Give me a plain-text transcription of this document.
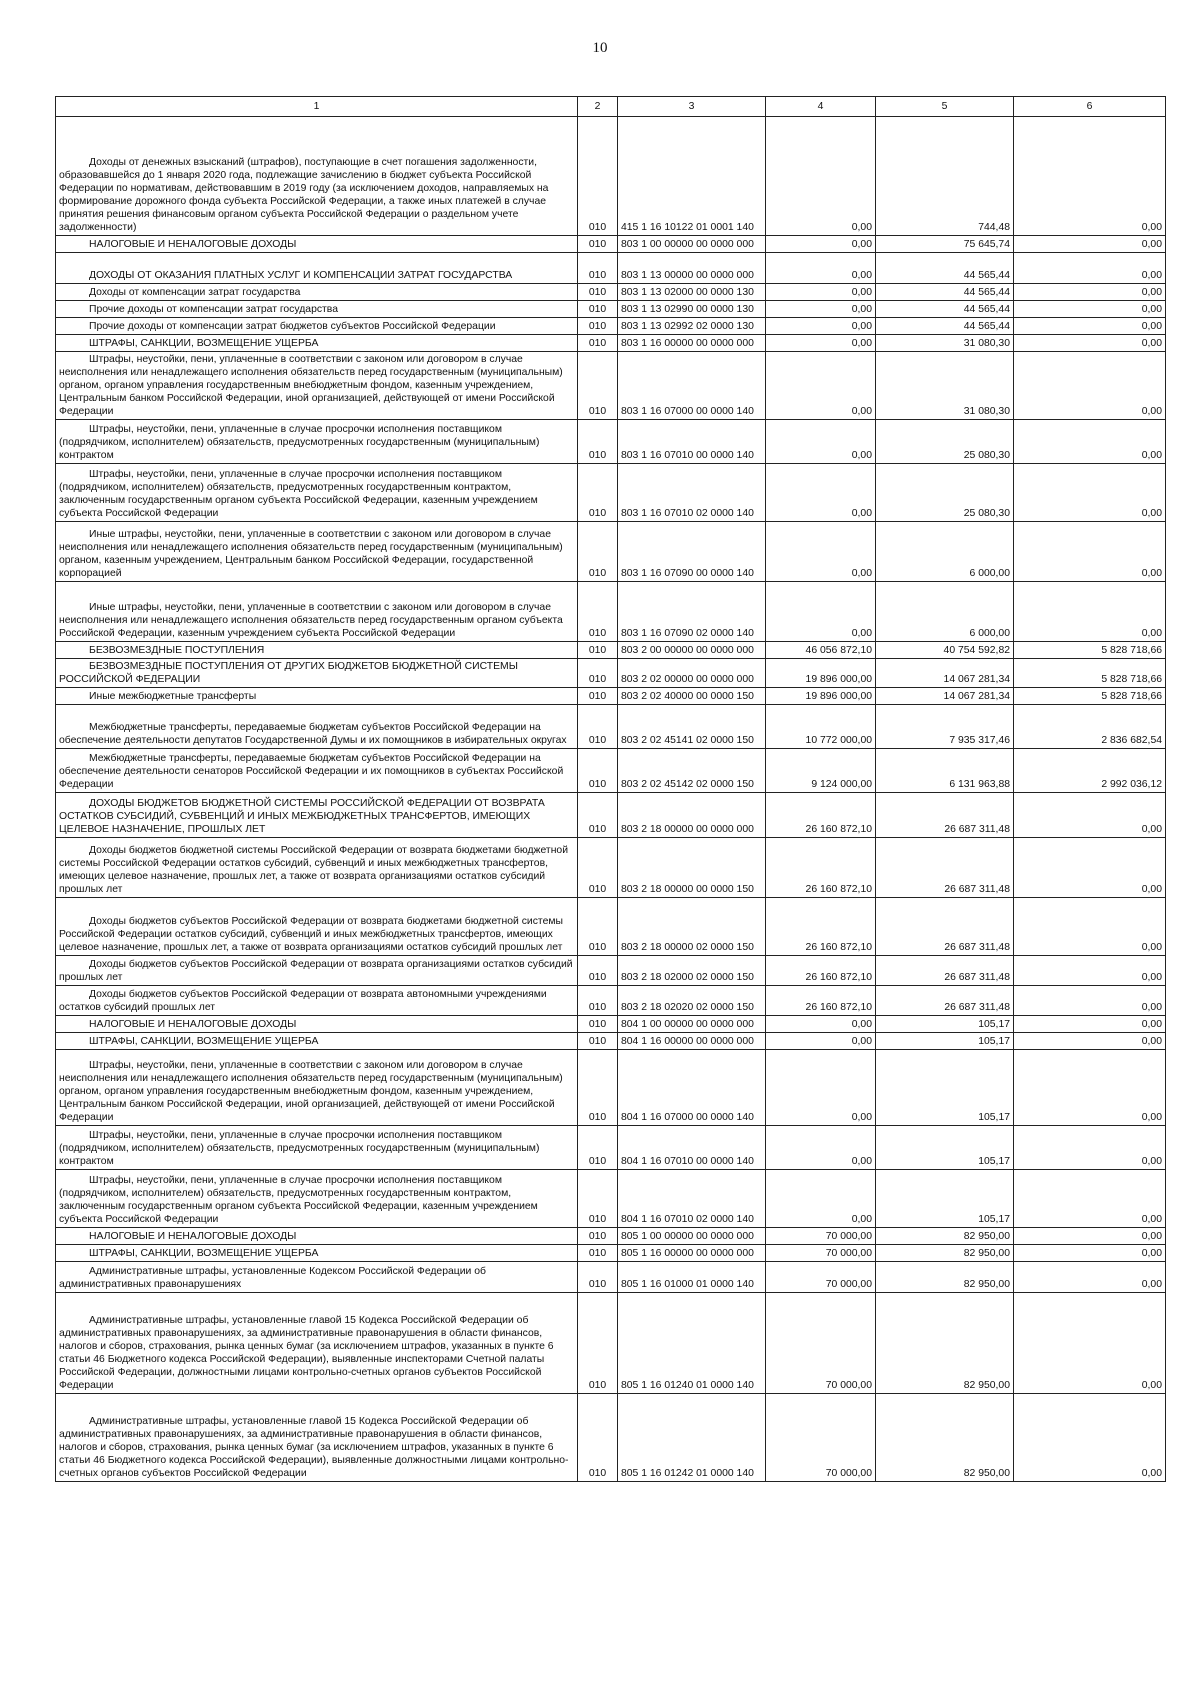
10
1	2	3	4	5	6
Доходы от денежных взысканий (штрафов), поступающие в счет погашения задолженности, образовавшейся до 1 января 2020 года, подлежащие зачислению в бюджет субъекта Российской Федерации по нормативам, действовавшим в 2019 году (за исключением доходов, направляемых на формирование дорожного фонда субъекта Российской Федерации, а также иных платежей в случае принятия решения финансовым органом субъекта Российской Федерации о раздельном учете задолженности)	010	415 1 16 10122 01 0001 140	0,00	744,48	0,00
НАЛОГОВЫЕ И НЕНАЛОГОВЫЕ ДОХОДЫ	010	803 1 00 00000 00 0000 000	0,00	75 645,74	0,00
ДОХОДЫ ОТ ОКАЗАНИЯ ПЛАТНЫХ УСЛУГ И КОМПЕНСАЦИИ ЗАТРАТ ГОСУДАРСТВА	010	803 1 13 00000 00 0000 000	0,00	44 565,44	0,00
Доходы от компенсации затрат государства	010	803 1 13 02000 00 0000 130	0,00	44 565,44	0,00
Прочие доходы от компенсации затрат государства	010	803 1 13 02990 00 0000 130	0,00	44 565,44	0,00
Прочие доходы от компенсации затрат бюджетов субъектов Российской Федерации	010	803 1 13 02992 02 0000 130	0,00	44 565,44	0,00
ШТРАФЫ, САНКЦИИ, ВОЗМЕЩЕНИЕ УЩЕРБА	010	803 1 16 00000 00 0000 000	0,00	31 080,30	0,00
Штрафы, неустойки, пени, уплаченные в соответствии с законом или договором в случае неисполнения или ненадлежащего исполнения обязательств перед государственным (муниципальным) органом, органом управления государственным внебюджетным фондом, казенным учреждением, Центральным банком Российской Федерации, иной организацией, действующей от имени Российской Федерации	010	803 1 16 07000 00 0000 140	0,00	31 080,30	0,00
Штрафы, неустойки, пени, уплаченные в случае просрочки исполнения поставщиком (подрядчиком, исполнителем) обязательств, предусмотренных государственным (муниципальным) контрактом	010	803 1 16 07010 00 0000 140	0,00	25 080,30	0,00
Штрафы, неустойки, пени, уплаченные в случае просрочки исполнения поставщиком (подрядчиком, исполнителем) обязательств, предусмотренных государственным контрактом, заключенным государственным органом субъекта Российской Федерации, казенным учреждением субъекта Российской Федерации	010	803 1 16 07010 02 0000 140	0,00	25 080,30	0,00
Иные штрафы, неустойки, пени, уплаченные в соответствии с законом или договором в случае неисполнения или ненадлежащего исполнения обязательств перед государственным (муниципальным) органом, казенным учреждением, Центральным банком Российской Федерации, государственной корпорацией	010	803 1 16 07090 00 0000 140	0,00	6 000,00	0,00
Иные штрафы, неустойки, пени, уплаченные в соответствии с законом или договором в случае неисполнения или ненадлежащего исполнения обязательств перед государственным органом субъекта Российской Федерации, казенным учреждением субъекта Российской Федерации	010	803 1 16 07090 02 0000 140	0,00	6 000,00	0,00
БЕЗВОЗМЕЗДНЫЕ ПОСТУПЛЕНИЯ	010	803 2 00 00000 00 0000 000	46 056 872,10	40 754 592,82	5 828 718,66
БЕЗВОЗМЕЗДНЫЕ ПОСТУПЛЕНИЯ ОТ ДРУГИХ БЮДЖЕТОВ БЮДЖЕТНОЙ СИСТЕМЫ РОССИЙСКОЙ ФЕДЕРАЦИИ	010	803 2 02 00000 00 0000 000	19 896 000,00	14 067 281,34	5 828 718,66
Иные межбюджетные трансферты	010	803 2 02 40000 00 0000 150	19 896 000,00	14 067 281,34	5 828 718,66
Межбюджетные трансферты, передаваемые бюджетам субъектов Российской Федерации на обеспечение деятельности депутатов Государственной Думы и их помощников в избирательных округах	010	803 2 02 45141 02 0000 150	10 772 000,00	7 935 317,46	2 836 682,54
Межбюджетные трансферты, передаваемые бюджетам субъектов Российской Федерации на обеспечение деятельности сенаторов Российской Федерации и их помощников в субъектах Российской Федерации	010	803 2 02 45142 02 0000 150	9 124 000,00	6 131 963,88	2 992 036,12
ДОХОДЫ БЮДЖЕТОВ БЮДЖЕТНОЙ СИСТЕМЫ РОССИЙСКОЙ ФЕДЕРАЦИИ ОТ ВОЗВРАТА ОСТАТКОВ СУБСИДИЙ, СУБВЕНЦИЙ И ИНЫХ МЕЖБЮДЖЕТНЫХ ТРАНСФЕРТОВ, ИМЕЮЩИХ ЦЕЛЕВОЕ НАЗНАЧЕНИЕ, ПРОШЛЫХ ЛЕТ	010	803 2 18 00000 00 0000 000	26 160 872,10	26 687 311,48	0,00
Доходы бюджетов бюджетной системы Российской Федерации от возврата бюджетами бюджетной системы Российской Федерации остатков субсидий, субвенций и иных межбюджетных трансфертов, имеющих целевое назначение, прошлых лет, а также от возврата организациями остатков субсидий прошлых лет	010	803 2 18 00000 00 0000 150	26 160 872,10	26 687 311,48	0,00
Доходы бюджетов субъектов Российской Федерации от возврата бюджетами бюджетной системы Российской Федерации остатков субсидий, субвенций и иных межбюджетных трансфертов, имеющих целевое назначение, прошлых лет, а также от возврата организациями остатков субсидий прошлых лет	010	803 2 18 00000 02 0000 150	26 160 872,10	26 687 311,48	0,00
Доходы бюджетов субъектов Российской Федерации от возврата организациями остатков субсидий прошлых лет	010	803 2 18 02000 02 0000 150	26 160 872,10	26 687 311,48	0,00
Доходы бюджетов субъектов Российской Федерации от возврата автономными учреждениями остатков субсидий прошлых лет	010	803 2 18 02020 02 0000 150	26 160 872,10	26 687 311,48	0,00
НАЛОГОВЫЕ И НЕНАЛОГОВЫЕ ДОХОДЫ	010	804 1 00 00000 00 0000 000	0,00	105,17	0,00
ШТРАФЫ, САНКЦИИ, ВОЗМЕЩЕНИЕ УЩЕРБА	010	804 1 16 00000 00 0000 000	0,00	105,17	0,00
Штрафы, неустойки, пени, уплаченные в соответствии с законом или договором в случае неисполнения или ненадлежащего исполнения обязательств перед государственным (муниципальным) органом, органом управления государственным внебюджетным фондом, казенным учреждением, Центральным банком Российской Федерации, иной организацией, действующей от имени Российской Федерации	010	804 1 16 07000 00 0000 140	0,00	105,17	0,00
Штрафы, неустойки, пени, уплаченные в случае просрочки исполнения поставщиком (подрядчиком, исполнителем) обязательств, предусмотренных государственным (муниципальным) контрактом	010	804 1 16 07010 00 0000 140	0,00	105,17	0,00
Штрафы, неустойки, пени, уплаченные в случае просрочки исполнения поставщиком (подрядчиком, исполнителем) обязательств, предусмотренных государственным контрактом, заключенным государственным органом субъекта Российской Федерации, казенным учреждением субъекта Российской Федерации	010	804 1 16 07010 02 0000 140	0,00	105,17	0,00
НАЛОГОВЫЕ И НЕНАЛОГОВЫЕ ДОХОДЫ	010	805 1 00 00000 00 0000 000	70 000,00	82 950,00	0,00
ШТРАФЫ, САНКЦИИ, ВОЗМЕЩЕНИЕ УЩЕРБА	010	805 1 16 00000 00 0000 000	70 000,00	82 950,00	0,00
Административные штрафы, установленные Кодексом Российской Федерации об административных правонарушениях	010	805 1 16 01000 01 0000 140	70 000,00	82 950,00	0,00
Административные штрафы, установленные главой 15 Кодекса Российской Федерации об административных правонарушениях, за административные правонарушения в области финансов, налогов и сборов, страхования, рынка ценных бумаг (за исключением штрафов, указанных в пункте 6 статьи 46 Бюджетного кодекса Российской Федерации), выявленные инспекторами Счетной палаты Российской Федерации, должностными лицами контрольно-счетных органов субъектов Российской Федерации	010	805 1 16 01240 01 0000 140	70 000,00	82 950,00	0,00
Административные штрафы, установленные главой 15 Кодекса Российской Федерации об административных правонарушениях, за административные правонарушения в области финансов, налогов и сборов, страхования, рынка ценных бумаг (за исключением штрафов, указанных в пункте 6 статьи 46 Бюджетного кодекса Российской Федерации), выявленные должностными лицами контрольно-счетных органов субъектов Российской Федерации	010	805 1 16 01242 01 0000 140	70 000,00	82 950,00	0,00
